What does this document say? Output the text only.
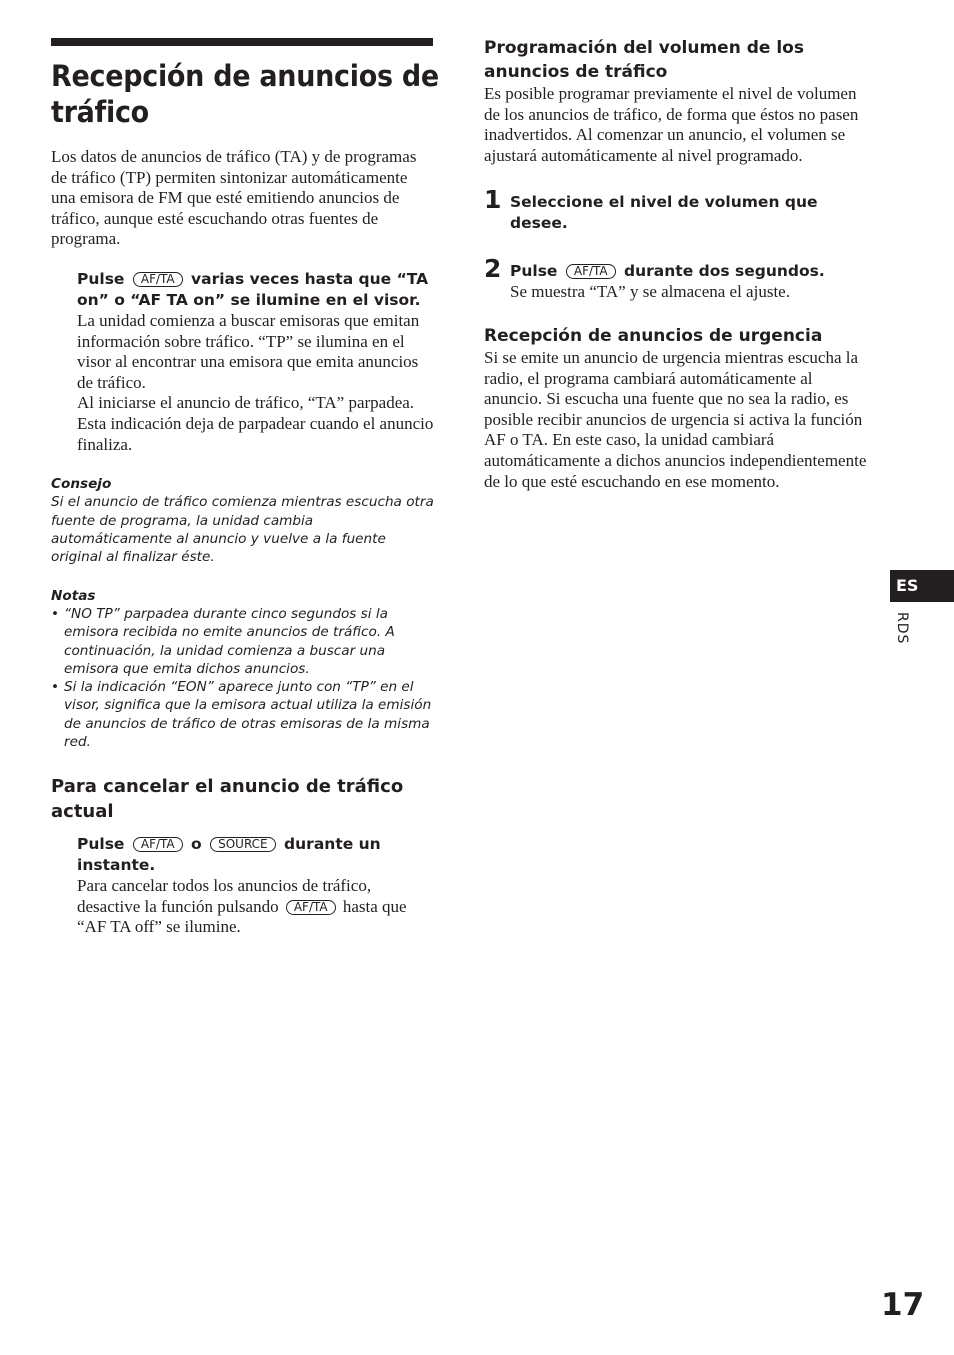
Recepción de anuncios de
tráfico

Los datos de anuncios de tráfico (TA) y de programas de tráfico (TP) permiten sintonizar automáticamente una emisora de FM que esté emitiendo anuncios de tráfico, aunque esté escuchando otras fuentes de programa.

Pulse AF/TA varias veces hasta que “TA on” o “AF TA on” se ilumine en el visor.

La unidad comienza a buscar emisoras que emitan información sobre tráfico. “TP” se ilumina en el visor al encontrar una emisora que emita anuncios de tráfico.

Al iniciarse el anuncio de tráfico, “TA” parpadea. Esta indicación deja de parpadear cuando el anuncio finaliza.

Consejo
Si el anuncio de tráfico comienza mientras escucha otra fuente de programa, la unidad cambia automáticamente al anuncio y vuelve a la fuente original al finalizar éste.
Notas
• “NO TP” parpadea durante cinco segundos si la emisora recibida no emite anuncios de tráfico. A continuación, la unidad comienza a buscar una emisora que emita dichos anuncios.
• Si la indicación “EON” aparece junto con “TP” en el visor, significa que la emisora actual utiliza la emisión de anuncios de tráfico de otras emisoras de la misma red.
Para cancelar el anuncio de tráfico actual
Pulse AF/TA o SOURCE durante un instante.

Para cancelar todos los anuncios de tráfico, desactive la función pulsando AF/TA hasta que “AF TA off” se ilumine.

Programación del volumen de los anuncios de tráfico

Es posible programar previamente el nivel de volumen de los anuncios de tráfico, de forma que éstos no pasen inadvertidos. Al comenzar un anuncio, el volumen se ajustará automáticamente al nivel programado.

1 Seleccione el nivel de volumen que desee.
2 Pulse AF/TA durante dos segundos.

Se muestra “TA” y se almacena el ajuste.

Recepción de anuncios de urgencia

Si se emite un anuncio de urgencia mientras escucha la radio, el programa cambiará automáticamente al anuncio. Si escucha una fuente que no sea la radio, es posible recibir anuncios de urgencia si activa la función AF o TA. En este caso, la unidad cambiará automáticamente a dichos anuncios independientemente de lo que esté escuchando en ese momento.

ES
RDS
17
